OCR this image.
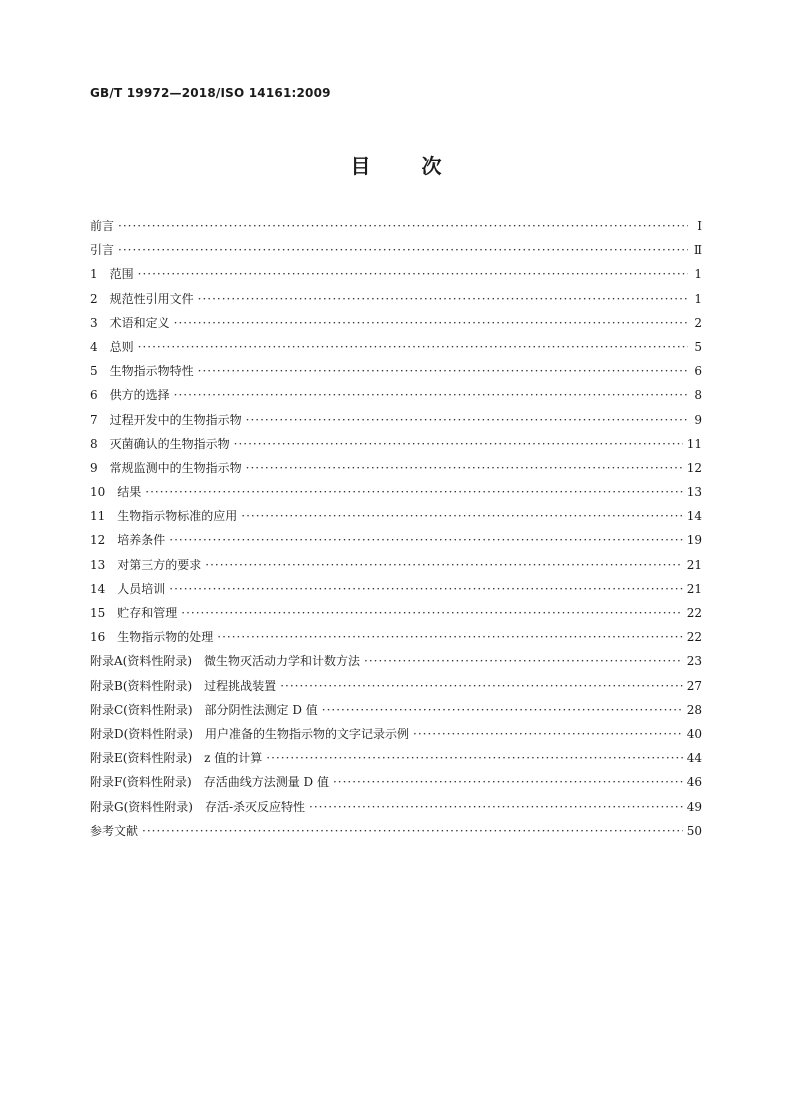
GB/T 19972—2018/ISO 14161:2009
目 次
前言 ·····	Ⅰ
引言 ·····	Ⅱ
1　范围 ·····	1
2　规范性引用文件 ·····	1
3　术语和定义 ·····	2
4　总则 ·····	5
5　生物指示物特性 ·····	6
6　供方的选择 ·····	8
7　过程开发中的生物指示物 ·····	9
8　灭菌确认的生物指示物 ·····	11
9　常规监测中的生物指示物 ·····	12
10　结果 ·····	13
11　生物指示物标准的应用 ·····	14
12　培养条件 ·····	19
13　对第三方的要求 ·····	21
14　人员培训 ·····	21
15　贮存和管理 ·····	22
16　生物指示物的处理 ·····	22
附录A(资料性附录)　微生物灭活动力学和计数方法 ·····	23
附录B(资料性附录)　过程挑战装置 ·····	27
附录C(资料性附录)　部分阴性法测定 D 值 ·····	28
附录D(资料性附录)　用户准备的生物指示物的文字记录示例 ·····	40
附录E(资料性附录)　z 值的计算 ·····	44
附录F(资料性附录)　存活曲线方法测量 D 值 ·····	46
附录G(资料性附录)　存活-杀灭反应特性 ·····	49
参考文献 ·····	50
